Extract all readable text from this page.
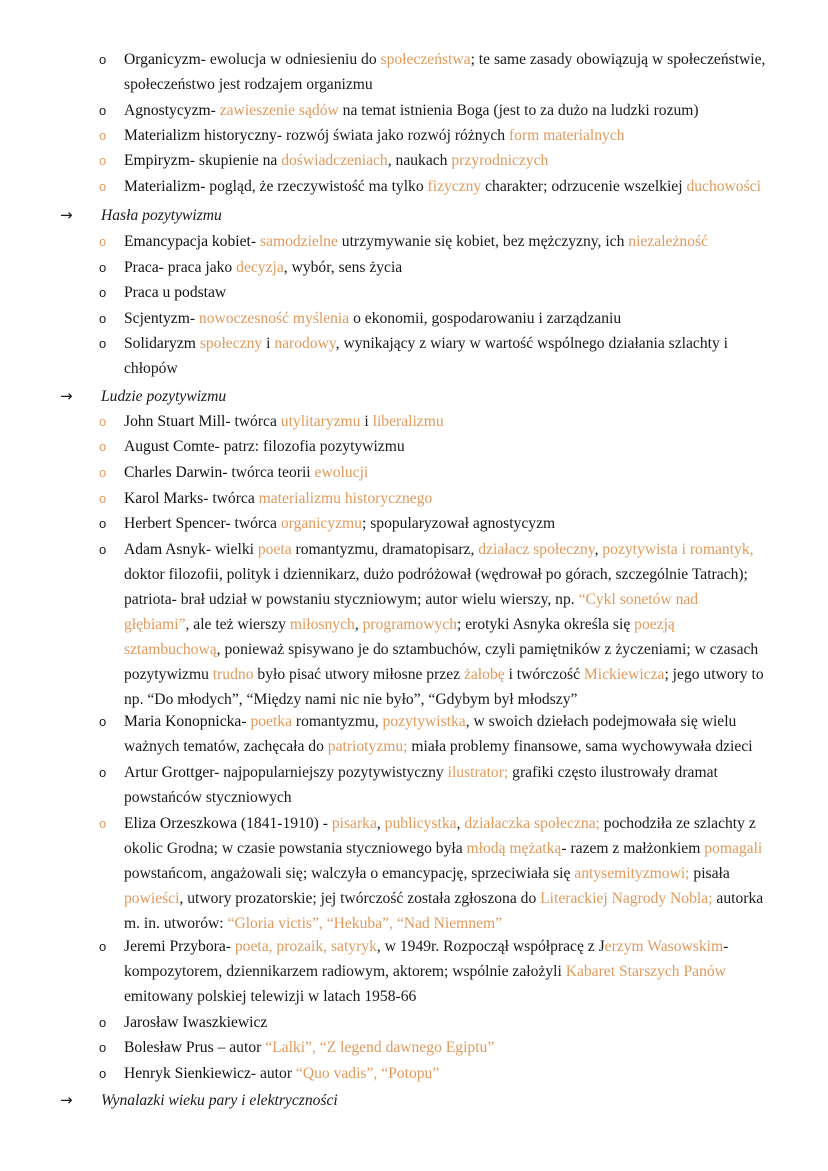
o	Organicyzm- ewolucja w odniesieniu do społeczeństwa; te same zasady obowiązują w społeczeństwie,
społeczeństwo jest rodzajem organizmu
o	Agnostycyzm- zawieszenie sądów na temat istnienia Boga (jest to za dużo na ludzki rozum)
o	Materializm historyczny- rozwój świata jako rozwój różnych form materialnych
o	Empiryzm- skupienie na doświadczeniach, naukach przyrodniczych
o	Materializm- pogląd, że rzeczywistość ma tylko fizyczny charakter; odrzucenie wszelkiej duchowości
→	Hasła pozytywizmu
o	Emancypacja kobiet- samodzielne utrzymywanie się kobiet, bez mężczyzny, ich niezależność
o	Praca- praca jako decyzja, wybór, sens życia
o	Praca u podstaw
o	Scjentyzm- nowoczesność myślenia o ekonomii, gospodarowaniu i zarządzaniu
o	Solidaryzm społeczny i narodowy, wynikający z wiary w wartość wspólnego działania szlachty i
chłopów
→	Ludzie pozytywizmu
o	John Stuart Mill- twórca utylitaryzmu i liberalizmu
o	August Comte- patrz: filozofia pozytywizmu
o	Charles Darwin- twórca teorii ewolucji
o	Karol Marks- twórca materializmu historycznego
o	Herbert Spencer- twórca organicyzmu; spopularyzował agnostycyzm
o	Adam Asnyk- wielki poeta romantyzmu, dramatopisarz, działacz społeczny, pozytywista i romantyk,
doktor filozofii, polityk i dziennikarz, dużo podróżował (wędrował po górach, szczególnie Tatrach);
patriota- brał udział w powstaniu styczniowym; autor wielu wierszy, np. “Cykl sonetów nad
głębiami”, ale też wierszy miłosnych, programowych; erotyki Asnyka określa się poezją
sztambuchową, ponieważ spisywano je do sztambuchów, czyli pamiętników z życzeniami; w czasach
pozytywizmu trudno było pisać utwory miłosne przez żałobę i twórczość Mickiewicza; jego utwory to
np. “Do młodych”, “Między nami nic nie było”, “Gdybym był młodszy”
o	Maria Konopnicka- poetka romantyzmu, pozytywistka, w swoich dziełach podejmowała się wielu
ważnych tematów, zachęcała do patriotyzmu; miała problemy finansowe, sama wychowywała dzieci
o	Artur Grottger- najpopularniejszy pozytywistyczny ilustrator; grafiki często ilustrowały dramat
powstańców styczniowych
o	Eliza Orzeszkowa (1841-1910) - pisarka, publicystka, działaczka społeczna; pochodziła ze szlachty z
okolic Grodna; w czasie powstania styczniowego była młodą mężatką- razem z małżonkiem pomagali
powstańcom, angażowali się; walczyła o emancypację, sprzeciwiała się antysemityzmowi; pisała
powieści, utwory prozatorskie; jej twórczość została zgłoszona do Literackiej Nagrody Nobla; autorka
m. in. utworów: “Gloria victis”, “Hekuba”, “Nad Niemnem”
o	Jeremi Przybora- poeta, prozaik, satyryk, w 1949r. Rozpoczął współpracę z Jerzym Wasowskim-
kompozytorem, dziennikarzem radiowym, aktorem; wspólnie założyli Kabaret Starszych Panów
emitowany polskiej telewizji w latach 1958-66
o	Jarosław Iwaszkiewicz
o	Bolesław Prus – autor “Lalki”, “Z legend dawnego Egiptu”
o	Henryk Sienkiewicz- autor “Quo vadis”, “Potopu”
→	Wynalazki wieku pary i elektryczności
